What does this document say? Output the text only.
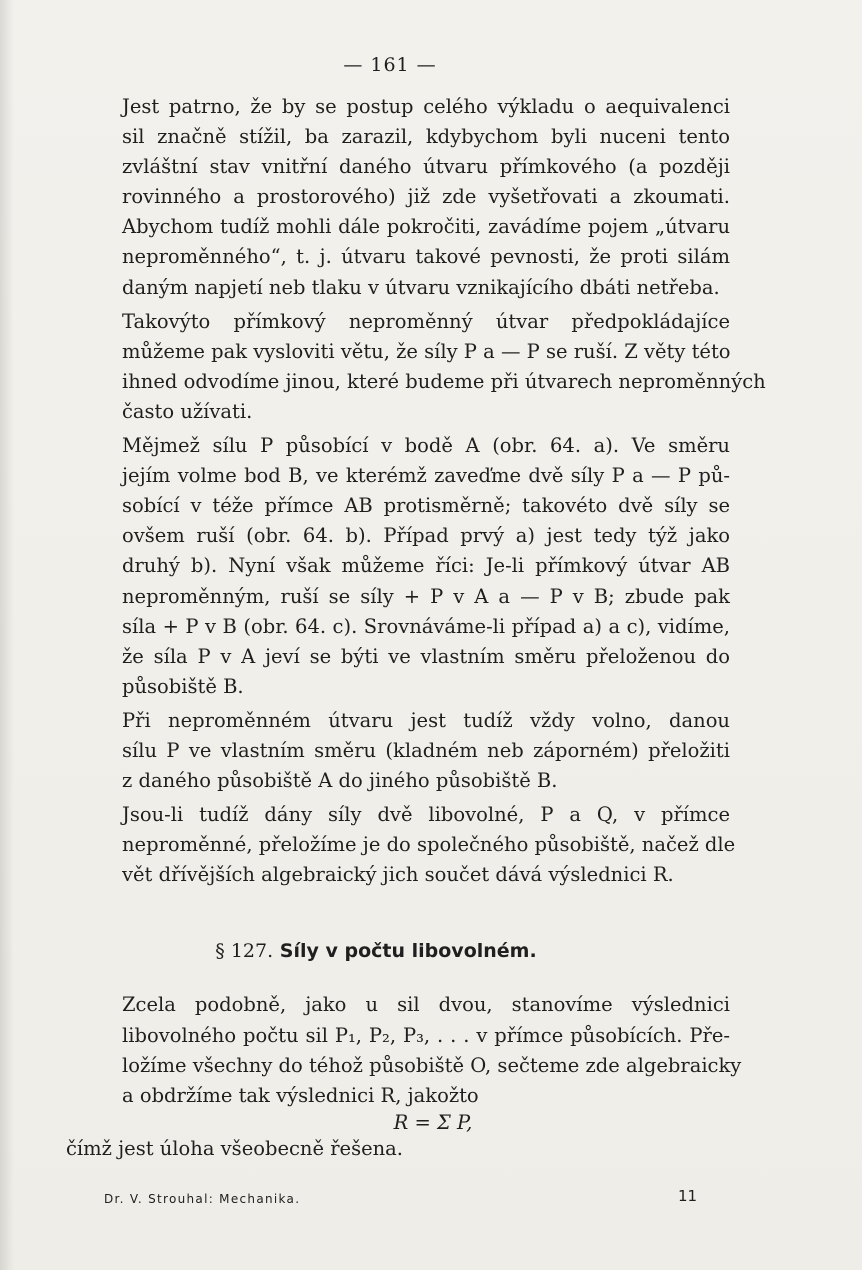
— 161 —

Jest patrno, že by se postup celého výkladu o aequivalenci
sil značně stížil, ba zarazil, kdybychom byli nuceni tento
zvláštní stav vnitřní daného útvaru přímkového (a později
rovinného a prostorového) již zde vyšetřovati a zkoumati.
Abychom tudíž mohli dále pokročiti, zavádíme pojem „útvaru
neproměnného“, t. j. útvaru takové pevnosti, že proti silám
daným napjetí neb tlaku v útvaru vznikajícího dbáti netřeba.

Takovýto přímkový neproměnný útvar předpokládajíce
můžeme pak vysloviti větu, že síly P a — P se ruší. Z věty této
ihned odvodíme jinou, které budeme při útvarech neproměnných
často užívati.

Mějmež sílu P působící v bodě A (obr. 64. a). Ve směru
jejím volme bod B, ve kterémž zaveďme dvě síly P a — P pů-
sobící v téže přímce AB protisměrně; takovéto dvě síly se
ovšem ruší (obr. 64. b). Případ prvý a) jest tedy týž jako
druhý b). Nyní však můžeme říci: Je-li přímkový útvar AB
neproměnným, ruší se síly + P v A a — P v B; zbude pak
síla + P v B (obr. 64. c). Srovnáváme-li případ a) a c), vidíme,
že síla P v A jeví se býti ve vlastním směru přeloženou do
působiště B.

Při neproměnném útvaru jest tudíž vždy volno, danou
sílu P ve vlastním směru (kladném neb záporném) přeložiti
z daného působiště A do jiného působiště B.

Jsou-li tudíž dány síly dvě libovolné, P a Q, v přímce
neproměnné, přeložíme je do společného působiště, načež dle
vět dřívějších algebraický jich součet dává výslednici R.

§ 127. Síly v počtu libovolném.

Zcela podobně, jako u sil dvou, stanovíme výslednici
libovolného počtu sil P₁, P₂, P₃, . . . v přímce působících. Pře-
ložíme všechny do téhož působiště O, sečteme zde algebraicky
a obdržíme tak výslednici R, jakožto

R = Σ P,

čímž jest úloha všeobecně řešena.

Dr. V. Strouhal: Mechanika.	11
